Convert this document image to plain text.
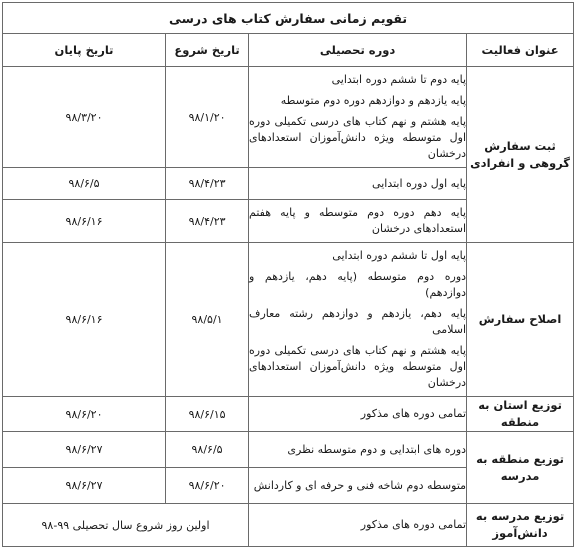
تقویم زمانی سفارش کتاب های درسی			
عنوان فعالیت	دوره تحصیلی	تاریخ شروع	تاریخ پایان
ثبت سفارش گروهی و انفرادی	پایه دوم تا ششم دوره ابتدایی
پایه یازدهم و دوازدهم دوره دوم متوسطه
پایه هشتم و نهم کتاب های درسی تکمیلی دوره اول متوسطه ویژه دانش‌آموزان استعدادهای درخشان	۹۸/۱/۲۰	۹۸/۳/۲۰

	پایه اول دوره ابتدایی	۹۸/۴/۲۳	۹۸/۶/۵

	پایه دهم دوره دوم متوسطه و پایه هفتم استعدادهای درخشان	۹۸/۴/۲۳	۹۸/۶/۱۶
اصلاح سفارش	پایه اول تا ششم دوره ابتدایی
دوره دوم متوسطه (پایه دهم، یازدهم و دوازدهم)
پایه دهم، یازدهم و دوازدهم رشته معارف اسلامی
پایه هشتم و نهم کتاب های درسی تکمیلی دوره اول متوسطه ویژه دانش‌آموزان استعدادهای درخشان	۹۸/۵/۱	۹۸/۶/۱۶
توزیع استان به منطقه	تمامی دوره های مذکور	۹۸/۶/۱۵	۹۸/۶/۲۰
توزیع منطقه به مدرسه	دوره های ابتدایی و دوم متوسطه نظری	۹۸/۶/۵	۹۸/۶/۲۷

	متوسطه دوم شاخه فنی و حرفه ای و کاردانش	۹۸/۶/۲۰	۹۸/۶/۲۷
توزیع مدرسه به دانش‌آموز	تمامی دوره های مذکور	اولین روز شروع سال تحصیلی ۹۹-۹۸	
